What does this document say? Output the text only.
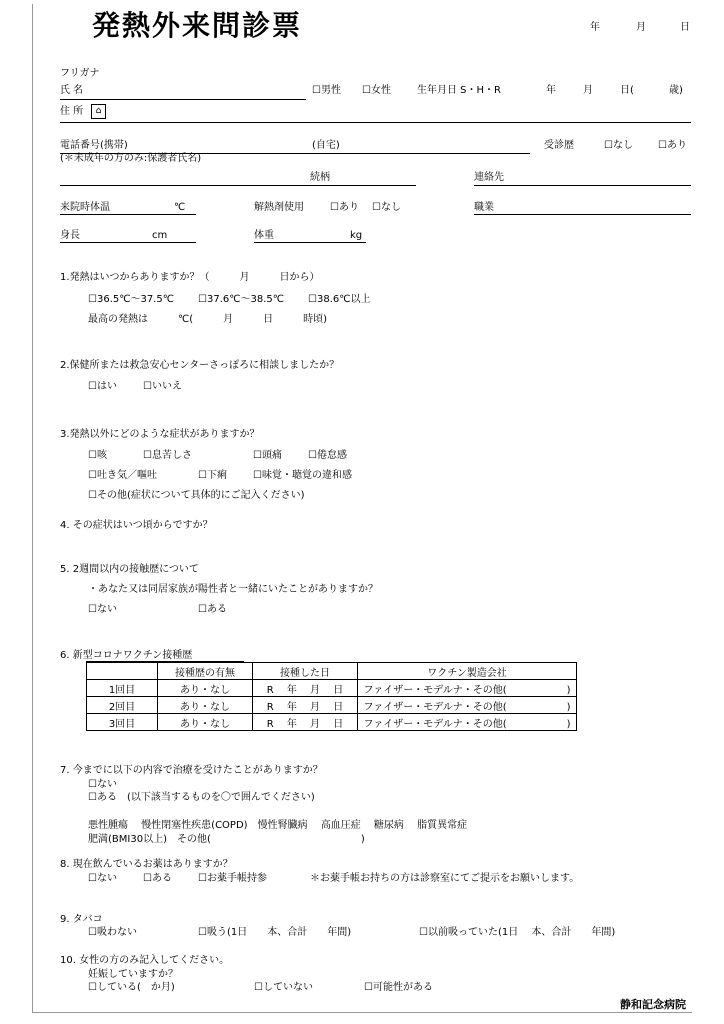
発熱外来問診票	年	月	日
フリガナ
氏 名	☐男性 ☐女性	生年月日 S・H・R	年	月	日(	歳)
住 所	⌂
電話番号(携帯)	(自宅)	受診歴	☐なし	☐あり
(＊未成年の方のみ:保護者氏名)
続柄	連絡先
来院時体温	℃	解熱剤使用	☐あり ☐なし	職業
身長	cm	体重	kg
1.発熱はいつからありますか？（　　　月　　　日から）
☐36.5℃～37.5℃ ☐37.6℃～38.5℃ ☐38.6℃以上
最高の発熱は　　　℃(　　　月　　　日　　　時頃)
2.保健所または救急安心センターさっぽろに相談しましたか？
☐はい	☐いいえ
3.発熱以外にどのような症状がありますか？
☐咳	☐息苦しさ	☐頭痛	☐倦怠感
☐吐き気／嘔吐	☐下痢	☐味覚・聴覚の違和感
☐その他(症状について具体的にご記入ください)
4. その症状はいつ頃からですか？
5. 2週間以内の接触歴について
・あなた又は同居家族が陽性者と一緒にいたことがありますか？
☐ない	☐ある
6. 新型コロナワクチン接種歴
	接種歴の有無	接種した日	ワクチン製造会社
1回目	あり・なし	R　 年　 月　 日	ファイザー・モデルナ・その他(　　　　　　)
2回目	あり・なし	R　 年　 月　 日	ファイザー・モデルナ・その他(　　　　　　)
3回目	あり・なし	R　 年　 月　 日	ファイザー・モデルナ・その他(　　　　　　)
7. 今までに以下の内容で治療を受けたことがありますか？
☐ない
☐ある　(以下該当するものを〇で囲んでください)
悪性腫瘍　 慢性閉塞性疾患(COPD)　慢性腎臓病　 高血圧症　 糖尿病　 脂質異常症
肥満(BMI30以上)　その他(　　　　　　　　　　　　　　　)
8. 現在飲んでいるお薬はありますか？
☐ない	☐ある	☐お薬手帳持参	＊お薬手帳お持ちの方は診察室にてご提示をお願いします。
9. タバコ
☐吸わない	☐吸う(1日　　本、合計　　年間)	☐以前吸っていた(1日　 本、合計　　年間)
10. 女性の方のみ記入してください。
妊娠していますか？
☐している(　か月)	☐していない	☐可能性がある
静和記念病院
